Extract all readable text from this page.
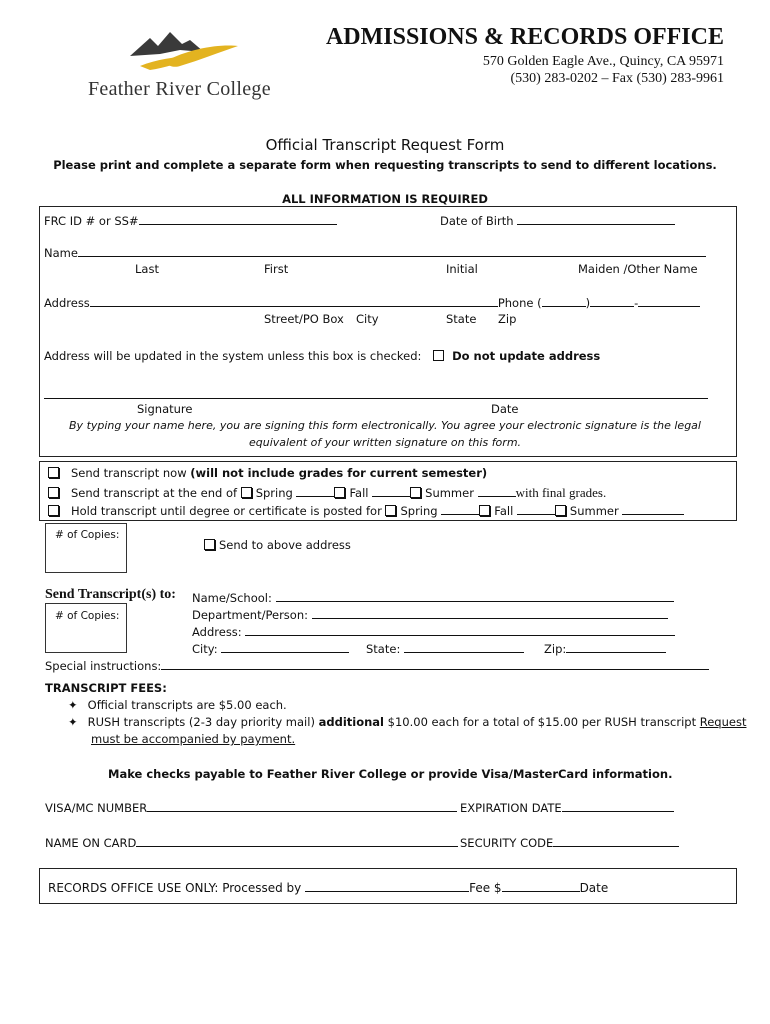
Feather River College
ADMISSIONS & RECORDS OFFICE
570 Golden Eagle Ave., Quincy, CA 95971
(530) 283-0202 – Fax (530) 283-9961
Official Transcript Request Form
Please print and complete a separate form when requesting transcripts to send to different locations.
ALL INFORMATION IS REQUIRED
FRC ID # or SS#	Date of Birth
Name
Last	First	Initial	Maiden /Other Name
Address	Phone (	)	-
Street/PO Box City	State Zip
Address will be updated in the system unless this box is checked:	Do not update address
Signature	Date
By typing your name here, you are signing this form electronically. You agree your electronic signature is the legal
equivalent of your written signature on this form.
Send transcript now (will not include grades for current semester)
Send transcript at the end of Spring	Fall	Summer	with final grades.
Hold transcript until degree or certificate is posted for Spring	Fall	Summer
# of Copies:
Send to above address
Send Transcript(s) to:
# of Copies:
Name/School:
Department/Person:
Address:
City:	State:	Zip:
Special instructions:
TRANSCRIPT FEES:
✦ Official transcripts are $5.00 each.
✦ RUSH transcripts (2-3 day priority mail) additional $10.00 each for a total of $15.00 per RUSH transcript Request
must be accompanied by payment.
Make checks payable to Feather River College or provide Visa/MasterCard information.
VISA/MC NUMBER	EXPIRATION DATE
NAME ON CARD	SECURITY CODE
RECORDS OFFICE USE ONLY: Processed by	Fee $	Date
